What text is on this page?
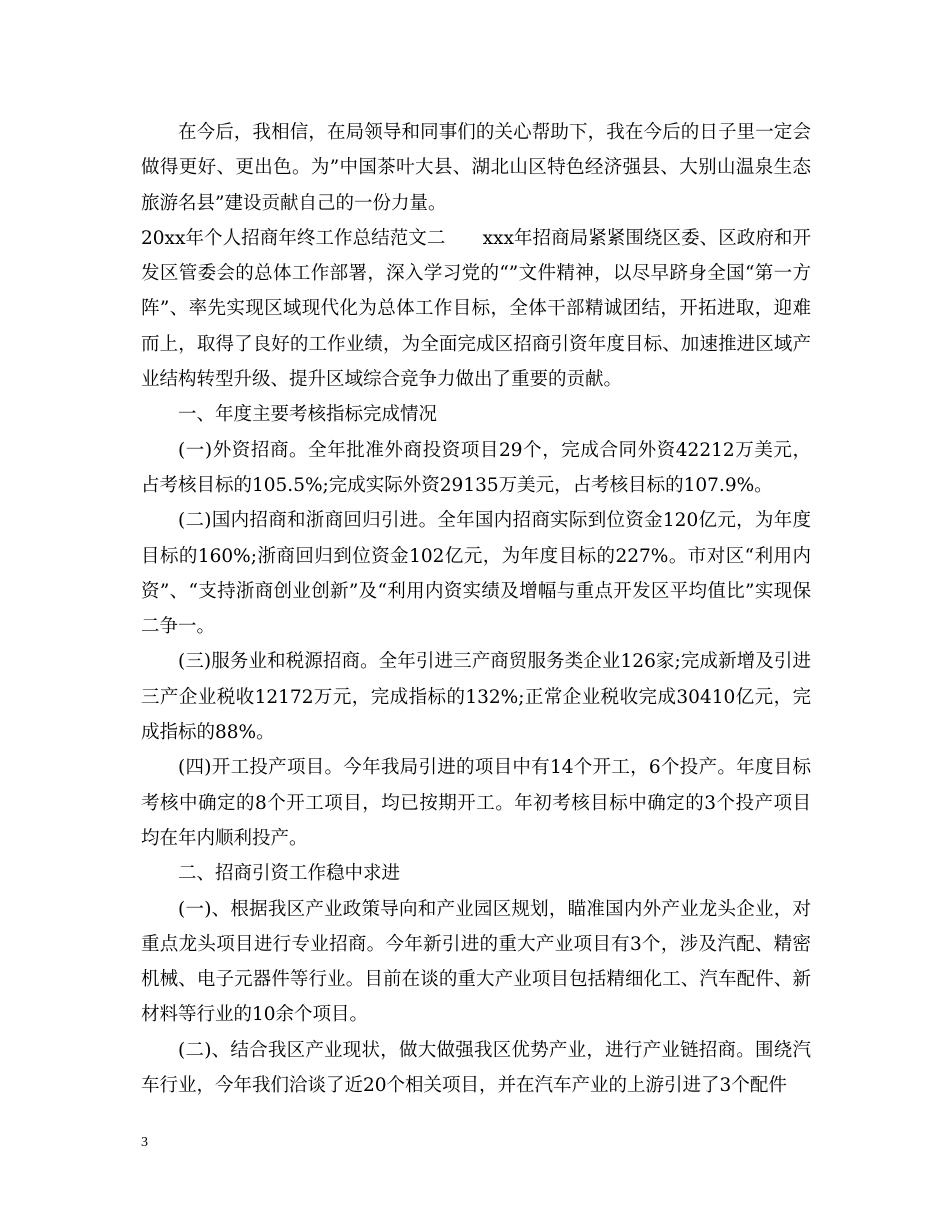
在今后，我相信，在局领导和同事们的关心帮助下，我在今后的日子里一定会做得更好、更出色。为”中国茶叶大县、湖北山区特色经济强县、大别山温泉生态旅游名县”建设贡献自己的一份力量。

20xx年个人招商年终工作总结范文二　　xxx年招商局紧紧围绕区委、区政府和开发区管委会的总体工作部署，深入学习党的“”文件精神，以尽早跻身全国“第一方阵”、率先实现区域现代化为总体工作目标，全体干部精诚团结，开拓进取，迎难而上，取得了良好的工作业绩，为全面完成区招商引资年度目标、加速推进区域产业结构转型升级、提升区域综合竞争力做出了重要的贡献。

一、年度主要考核指标完成情况

(一)外资招商。全年批准外商投资项目29个，完成合同外资42212万美元，占考核目标的105.5%;完成实际外资29135万美元，占考核目标的107.9%。

(二)国内招商和浙商回归引进。全年国内招商实际到位资金120亿元，为年度目标的160%;浙商回归到位资金102亿元，为年度目标的227%。市对区“利用内资”、“支持浙商创业创新”及“利用内资实绩及增幅与重点开发区平均值比”实现保二争一。

(三)服务业和税源招商。全年引进三产商贸服务类企业126家;完成新增及引进三产企业税收12172万元，完成指标的132%;正常企业税收完成30410亿元，完成指标的88%。

(四)开工投产项目。今年我局引进的项目中有14个开工，6个投产。年度目标考核中确定的8个开工项目，均已按期开工。年初考核目标中确定的3个投产项目均在年内顺利投产。

二、招商引资工作稳中求进

(一)、根据我区产业政策导向和产业园区规划，瞄准国内外产业龙头企业，对重点龙头项目进行专业招商。今年新引进的重大产业项目有3个，涉及汽配、精密机械、电子元器件等行业。目前在谈的重大产业项目包括精细化工、汽车配件、新材料等行业的10余个项目。

(二)、结合我区产业现状，做大做强我区优势产业，进行产业链招商。围绕汽车行业，今年我们洽谈了近20个相关项目，并在汽车产业的上游引进了3个配件

3
